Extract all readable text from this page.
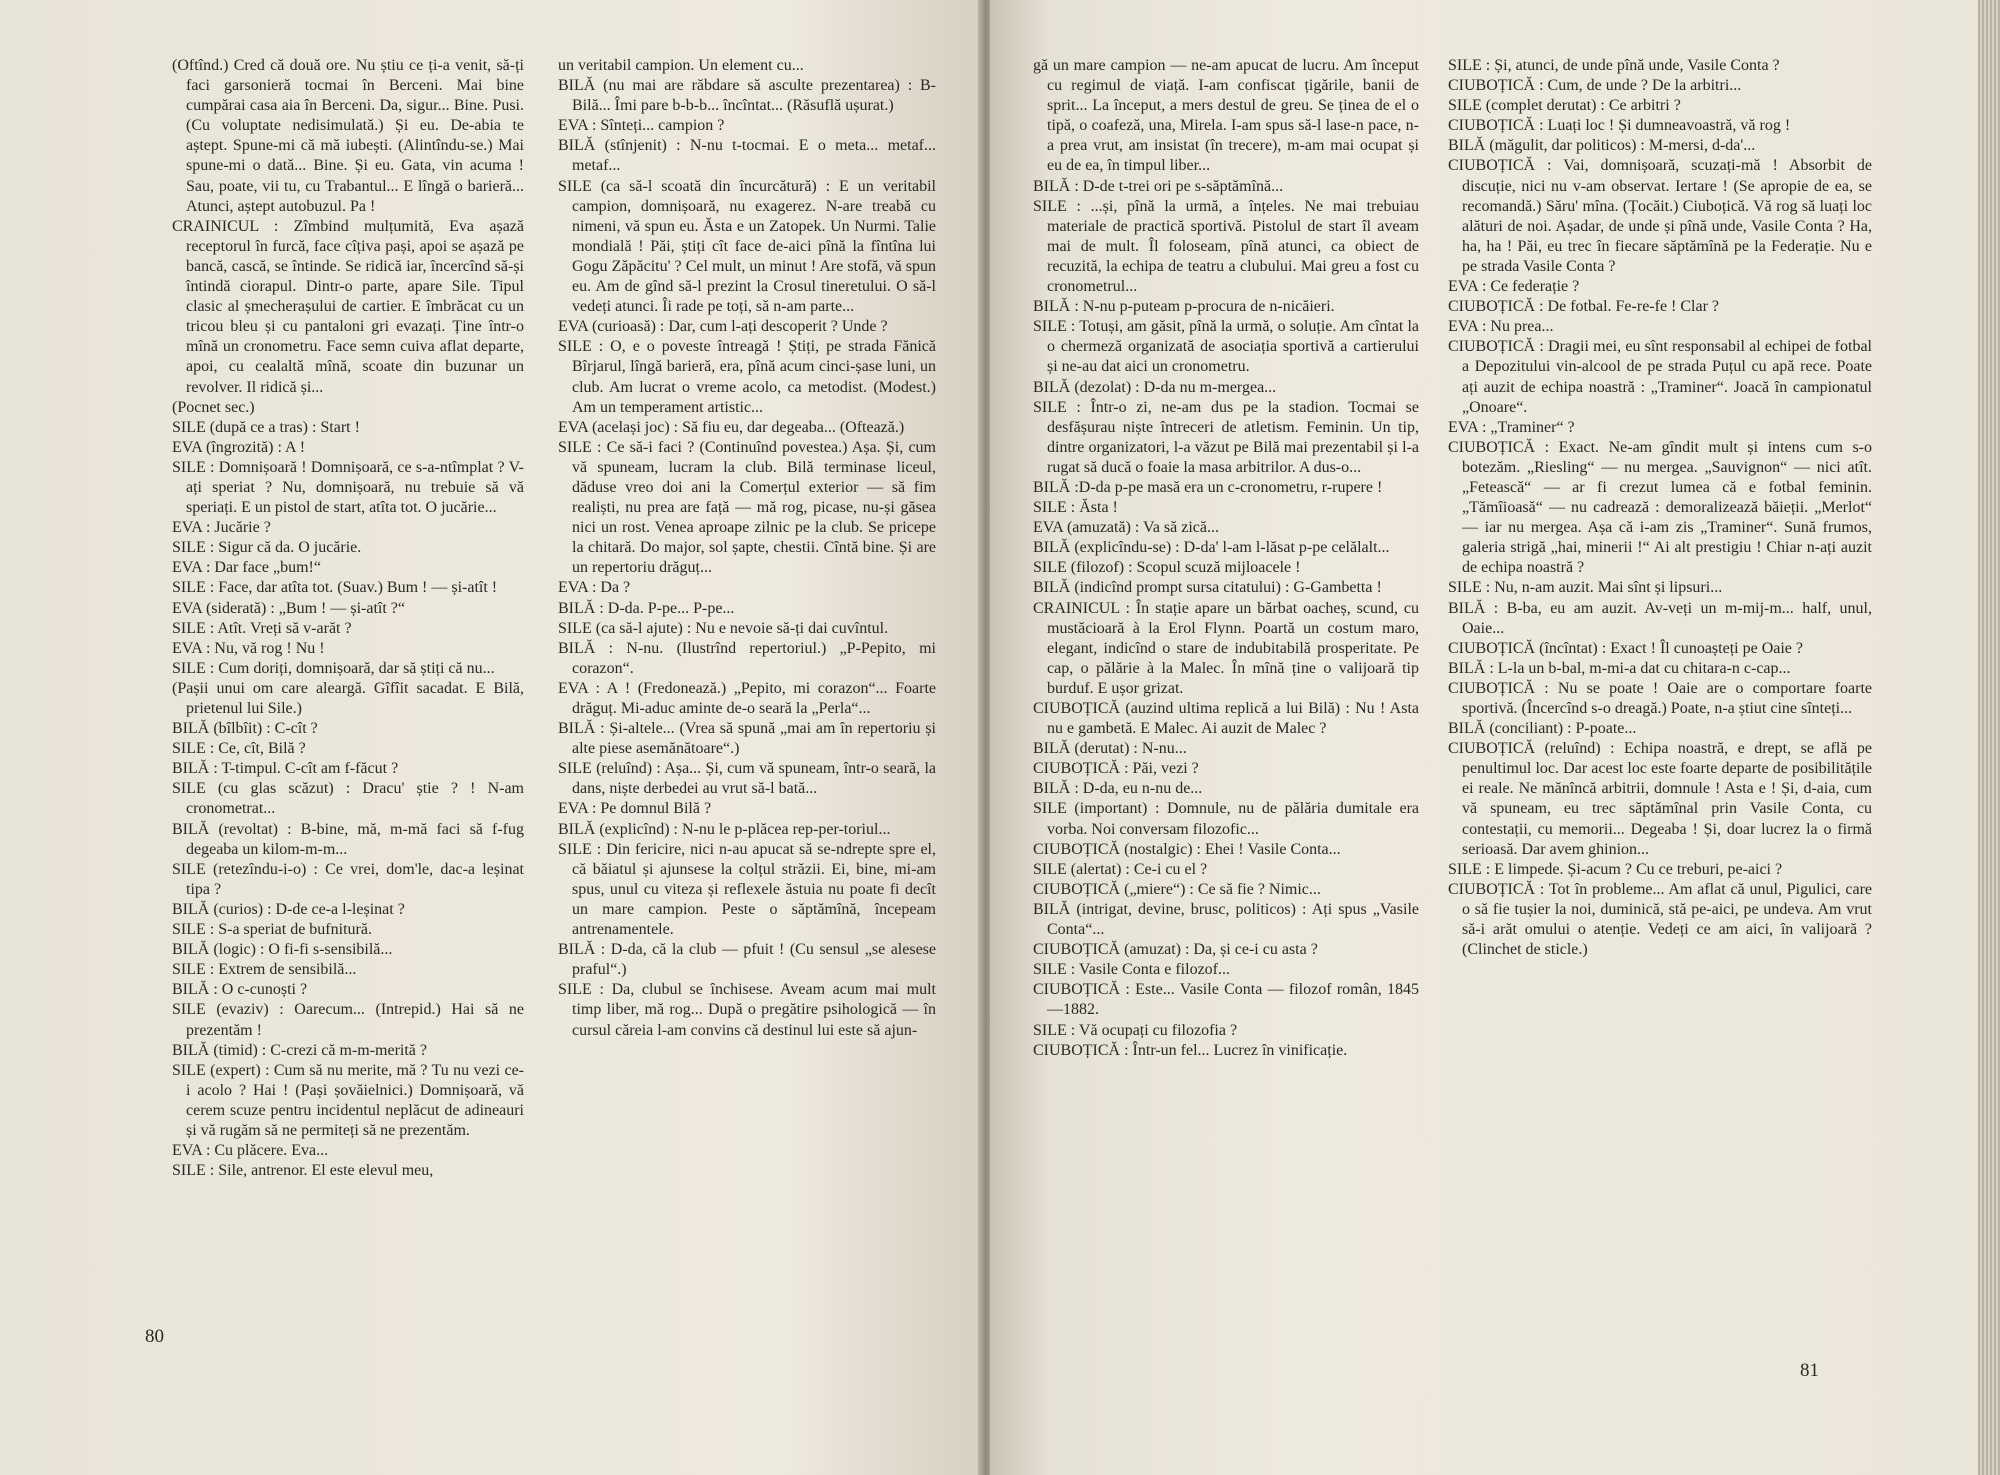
(Oftînd.) Cred că două ore. Nu știu ce ți-a venit, să-ți faci garsonieră tocmai în Berceni. Mai bine cumpărai casa aia în Berceni. Da, sigur... Bine. Pusi. (Cu voluptate nedisimulată.) Și eu. De-abia te aștept. Spune-mi că mă iubești. (Alintîndu-se.) Mai spune-mi o dată... Bine. Și eu. Gata, vin acuma ! Sau, poate, vii tu, cu Trabantul... E lîngă o barieră... Atunci, aștept autobuzul. Pa !

CRAINICUL : Zîmbind mulțumită, Eva așază receptorul în furcă, face cîțiva pași, apoi se așază pe bancă, cască, se întinde. Se ridică iar, încercînd să-și întindă ciorapul. Dintr-o parte, apare Sile. Tipul clasic al șmecherașului de cartier. E îmbrăcat cu un tricou bleu și cu pantaloni gri evazați. Ține într-o mînă un cronometru. Face semn cuiva aflat departe, apoi, cu cealaltă mînă, scoate din buzunar un revolver. Il ridică și...

(Pocnet sec.)

SILE (după ce a tras) : Start !

EVA (îngrozită) : A !

SILE : Domnișoară ! Domnișoară, ce s-a-ntîmplat ? V-ați speriat ? Nu, domnișoară, nu trebuie să vă speriați. E un pistol de start, atîta tot. O jucărie...

EVA : Jucărie ?

SILE : Sigur că da. O jucărie.

EVA : Dar face „bum!“

SILE : Face, dar atîta tot. (Suav.) Bum ! — și-atît !

EVA (siderată) : „Bum ! — și-atît ?“

SILE : Atît. Vreți să v-arăt ?

EVA : Nu, vă rog ! Nu !

SILE : Cum doriți, domnișoară, dar să știți că nu...

(Pașii unui om care aleargă. Gîfîit sacadat. E Bilă, prietenul lui Sile.)

BILĂ (bîlbîit) : C-cît ?

SILE : Ce, cît, Bilă ?

BILĂ : T-timpul. C-cît am f-făcut ?

SILE (cu glas scăzut) : Dracu' știe ? ! N-am cronometrat...

BILĂ (revoltat) : B-bine, mă, m-mă faci să f-fug degeaba un kilom-m-m...

SILE (retezîndu-i-o) : Ce vrei, dom'le, dac-a leșinat tipa ?

BILĂ (curios) : D-de ce-a l-leșinat ?

SILE : S-a speriat de bufnitură.

BILĂ (logic) : O fi-fi s-sensibilă...

SILE : Extrem de sensibilă...

BILĂ : O c-cunoști ?

SILE (evaziv) : Oarecum... (Intrepid.) Hai să ne prezentăm !

BILĂ (timid) : C-crezi că m-m-merită ?

SILE (expert) : Cum să nu merite, mă ? Tu nu vezi ce-i acolo ? Hai ! (Pași șovăielnici.) Domnișoară, vă cerem scuze pentru incidentul neplăcut de adineauri și vă rugăm să ne permiteți să ne prezentăm.

EVA : Cu plăcere. Eva...

SILE : Sile, antrenor. El este elevul meu,

un veritabil campion. Un element cu...

BILĂ (nu mai are răbdare să asculte prezentarea) : B-Bilă... Îmi pare b-b-b... încîntat... (Răsuflă ușurat.)

EVA : Sînteți... campion ?

BILĂ (stînjenit) : N-nu t-tocmai. E o meta... metaf... metaf...

SILE (ca să-l scoată din încurcătură) : E un veritabil campion, domnișoară, nu exagerez. N-are treabă cu nimeni, vă spun eu. Ăsta e un Zatopek. Un Nurmi. Talie mondială ! Păi, știți cît face de-aici pînă la fîntîna lui Gogu Zăpăcitu' ? Cel mult, un minut ! Are stofă, vă spun eu. Am de gînd să-l prezint la Crosul tineretului. O să-l vedeți atunci. Îi rade pe toți, să n-am parte...

EVA (curioasă) : Dar, cum l-ați descoperit ? Unde ?

SILE : O, e o poveste întreagă ! Știți, pe strada Fănică Bîrjarul, lîngă barieră, era, pînă acum cinci-șase luni, un club. Am lucrat o vreme acolo, ca metodist. (Modest.) Am un temperament artistic...

EVA (același joc) : Să fiu eu, dar degeaba... (Oftează.)

SILE : Ce să-i faci ? (Continuînd povestea.) Așa. Și, cum vă spuneam, lucram la club. Bilă terminase liceul, dăduse vreo doi ani la Comerțul exterior — să fim realiști, nu prea are față — mă rog, picase, nu-și găsea nici un rost. Venea aproape zilnic pe la club. Se pricepe la chitară. Do major, sol șapte, chestii. Cîntă bine. Și are un repertoriu drăguț...

EVA : Da ?

BILĂ : D-da. P-pe... P-pe...

SILE (ca să-l ajute) : Nu e nevoie să-ți dai cuvîntul.

BILĂ : N-nu. (Ilustrînd repertoriul.) „P-Pepito, mi corazon“.

EVA : A ! (Fredonează.) „Pepito, mi corazon“... Foarte drăguț. Mi-aduc aminte de-o seară la „Perla“...

BILĂ : Și-altele... (Vrea să spună „mai am în repertoriu și alte piese asemănătoare“.)

SILE (reluînd) : Așa... Și, cum vă spuneam, într-o seară, la dans, niște derbedei au vrut să-l bată...

EVA : Pe domnul Bilă ?

BILĂ (explicînd) : N-nu le p-plăcea rep-per-toriul...

SILE : Din fericire, nici n-au apucat să se-ndrepte spre el, că băiatul și ajunsese la colțul străzii. Ei, bine, mi-am spus, unul cu viteza și reflexele ăstuia nu poate fi decît un mare campion. Peste o săptămînă, începeam antrenamentele.

BILĂ : D-da, că la club — pfuit ! (Cu sensul „se alesese praful“.)

SILE : Da, clubul se închisese. Aveam acum mai mult timp liber, mă rog... După o pregătire psihologică — în cursul căreia l-am convins că destinul lui este să ajun-

80

gă un mare campion — ne-am apucat de lucru. Am început cu regimul de viață. I-am confiscat țigările, banii de sprit... La început, a mers destul de greu. Se ținea de el o tipă, o coafeză, una, Mirela. I-am spus să-l lase-n pace, n-a prea vrut, am insistat (în trecere), m-am mai ocupat și eu de ea, în timpul liber...

BILĂ : D-de t-trei ori pe s-săptămînă...

SILE : ...și, pînă la urmă, a înțeles. Ne mai trebuiau materiale de practică sportivă. Pistolul de start îl aveam mai de mult. Îl foloseam, pînă atunci, ca obiect de recuzită, la echipa de teatru a clubului. Mai greu a fost cu cronometrul...

BILĂ : N-nu p-puteam p-procura de n-nicăieri.

SILE : Totuși, am găsit, pînă la urmă, o soluție. Am cîntat la o chermeză organizată de asociația sportivă a cartierului și ne-au dat aici un cronometru.

BILĂ (dezolat) : D-da nu m-mergea...

SILE : Într-o zi, ne-am dus pe la stadion. Tocmai se desfășurau niște întreceri de atletism. Feminin. Un tip, dintre organizatori, l-a văzut pe Bilă mai prezentabil și l-a rugat să ducă o foaie la masa arbitrilor. A dus-o...

BILĂ :D-da p-pe masă era un c-cronometru, r-rupere !

SILE : Ăsta !

EVA (amuzată) : Va să zică...

BILĂ (explicîndu-se) : D-da' l-am l-lăsat p-pe celălalt...

SILE (filozof) : Scopul scuză mijloacele !

BILĂ (indicînd prompt sursa citatului) : G-Gambetta !

CRAINICUL : În stație apare un bărbat oacheș, scund, cu mustăcioară à la Erol Flynn. Poartă un costum maro, elegant, indicînd o stare de indubitabilă prosperitate. Pe cap, o pălărie à la Malec. În mînă ține o valijoară tip burduf. E ușor grizat.

CIUBOȚICĂ (auzind ultima replică a lui Bilă) : Nu ! Asta nu e gambetă. E Malec. Ai auzit de Malec ?

BILĂ (derutat) : N-nu...

CIUBOȚICĂ : Păi, vezi ?

BILĂ : D-da, eu n-nu de...

SILE (important) : Domnule, nu de pălăria dumitale era vorba. Noi conversam filozofic...

CIUBOȚICĂ (nostalgic) : Ehei ! Vasile Conta...

SILE (alertat) : Ce-i cu el ?

CIUBOȚICĂ („miere“) : Ce să fie ? Nimic...

BILĂ (intrigat, devine, brusc, politicos) : Ați spus „Vasile Conta“...

CIUBOȚICĂ (amuzat) : Da, și ce-i cu asta ?

SILE : Vasile Conta e filozof...

CIUBOȚICĂ : Este... Vasile Conta — filozof român, 1845—1882.

SILE : Vă ocupați cu filozofia ?

CIUBOȚICĂ : Într-un fel... Lucrez în vinificație.

SILE : Și, atunci, de unde pînă unde, Vasile Conta ?

CIUBOȚICĂ : Cum, de unde ? De la arbitri...

SILE (complet derutat) : Ce arbitri ?

CIUBOȚICĂ : Luați loc ! Și dumneavoastră, vă rog !

BILĂ (măgulit, dar politicos) : M-mersi, d-da'...

CIUBOȚICĂ : Vai, domnișoară, scuzați-mă ! Absorbit de discuție, nici nu v-am observat. Iertare ! (Se apropie de ea, se recomandă.) Săru' mîna. (Țocăit.) Ciuboțică. Vă rog să luați loc alături de noi. Așadar, de unde și pînă unde, Vasile Conta ? Ha, ha, ha ! Păi, eu trec în fiecare săptămînă pe la Federație. Nu e pe strada Vasile Conta ?

EVA : Ce federație ?

CIUBOȚICĂ : De fotbal. Fe-re-fe ! Clar ?

EVA : Nu prea...

CIUBOȚICĂ : Dragii mei, eu sînt responsabil al echipei de fotbal a Depozitului vin-alcool de pe strada Puțul cu apă rece. Poate ați auzit de echipa noastră : „Traminer“. Joacă în campionatul „Onoare“.

EVA : „Traminer“ ?

CIUBOȚICĂ : Exact. Ne-am gîndit mult și intens cum s-o botezăm. „Riesling“ — nu mergea. „Sauvignon“ — nici atît. „Fetească“ — ar fi crezut lumea că e fotbal feminin. „Tămîioasă“ — nu cadrează : demoralizează băieții. „Merlot“ — iar nu mergea. Așa că i-am zis „Traminer“. Sună frumos, galeria strigă „hai, minerii !“ Ai alt prestigiu ! Chiar n-ați auzit de echipa noastră ?

SILE : Nu, n-am auzit. Mai sînt și lipsuri...

BILĂ : B-ba, eu am auzit. Av-veți un m-mij-m... half, unul, Oaie...

CIUBOȚICĂ (încîntat) : Exact ! Îl cunoașteți pe Oaie ?

BILĂ : L-la un b-bal, m-mi-a dat cu chitara-n c-cap...

CIUBOȚICĂ : Nu se poate ! Oaie are o comportare foarte sportivă. (Încercînd s-o dreagă.) Poate, n-a știut cine sînteți...

BILĂ (conciliant) : P-poate...

CIUBOȚICĂ (reluînd) : Echipa noastră, e drept, se află pe penultimul loc. Dar acest loc este foarte departe de posibilitățile ei reale. Ne mănîncă arbitrii, domnule ! Asta e ! Și, d-aia, cum vă spuneam, eu trec săptămînal prin Vasile Conta, cu contestații, cu memorii... Degeaba ! Și, doar lucrez la o firmă serioasă. Dar avem ghinion...

SILE : E limpede. Și-acum ? Cu ce treburi, pe-aici ?

CIUBOȚICĂ : Tot în probleme... Am aflat că unul, Pigulici, care o să fie tușier la noi, duminică, stă pe-aici, pe undeva. Am vrut să-i arăt omului o atenție. Vedeți ce am aici, în valijoară ? (Clinchet de sticle.)

81
